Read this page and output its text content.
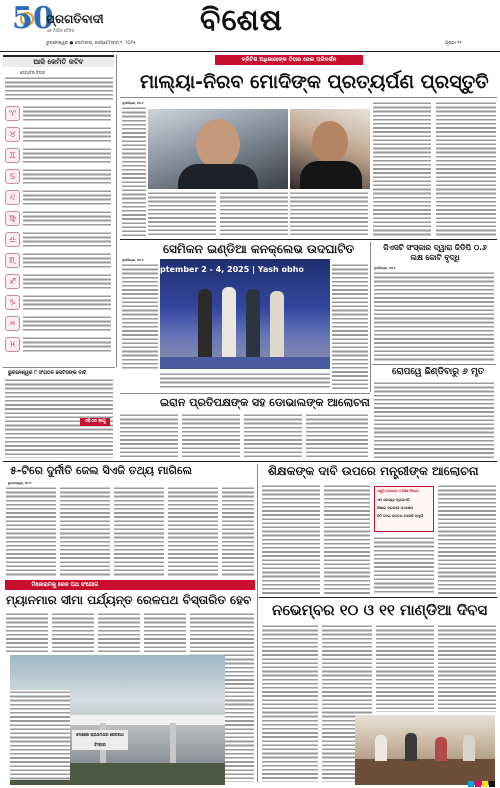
50
ପ୍ରଗତିବାଦୀ
ଏକ ନିର୍ଭୀକ ଦୈନିକ
ଭୁବନେଶ୍ୱର ● ସୋମବାର, ସେପ୍ଟେମ୍ବର ୧, ୨୦୨୫
ବିଶେଷ
ପୃଷ୍ଠା ୧୧
ଆଜି କେମିତି କଟିବ
ଜ୍ୟୋତିଷ ବିଚାର
♈
♉
♊
♋
♌
♍
♎
♏
♐
♑
♒
♓
ବ୍ରିଟିଶ ଅଧିକାରୀଙ୍କ ତିହାର ଜେଲ ପରିଦର୍ଶନ
ମାଲ୍ୟା-ନିରବ ମୋଦିଙ୍କ ପ୍ରତ୍ୟର୍ପଣ ପ୍ରସ୍ତୁତି
ନୂଆଦିଲ୍ଲୀ, ୩୧।୮
ସେମିକନ ଇଣ୍ଡିଆ କନକ୍ଲେଭ ଉଦଘାଟିତ
ନୂଆଦିଲ୍ଲୀ, ୩୧।୮
ptember 2 - 4, 2025 | Yash obho
ଜିଏସଟି ସଂସ୍କାର ଦ୍ୱାରା ଜିଡିପି ୦.୬ ଲକ୍ଷ କୋଟି ବୃଦ୍ଧି
ନୂଆଦିଲ୍ଲୀ, ୩୧।୮
ରୋପୱେ ଛିଣ୍ଡିବାରୁ ୬ ମୃତ
ଭୁବନେଶ୍ୱର ୮ ସଂଗଠନ ନୋଟିସଙ୍କ ଦାବି
ଏବିଏସ ଲାଗୁ
ଇରାନ ପ୍ରତିପକ୍ଷଙ୍କ ସହ ଡୋଭାଲଙ୍କ ଆଲୋଚନା
୫-ଟିରେ ଦୁର୍ନୀତି ଜେଲ ସିଏଜି ତଥ୍ୟ ମାଗିଲେ
ଭୁବନେଶ୍ୱର, ୩୧।୮
ଶିକ୍ଷକଙ୍କ ଦାବି ଉପରେ ମନ୍ତ୍ରୀଙ୍କ ଆଲୋଚନା
ଏଣ୍ଟ୍ରି ଲେଭଲ ଓ ଶିକ୍ଷା ବିଭାଗ
ଏନ ସମସ୍ୟା ପ୍ରାଇମରି
ଶିକ୍ଷାର ସରକାରୀ ପଦକ୍ଷେପ
ଚିଠି ଦେଇ ଉତ୍ତର ଦେଉଛି ମନ୍ତ୍ରୀ
ମିଜୋରାମକୁ ରେଳ ପଥ ସଂଯୋଗ
ମ୍ୟାନମାର ସୀମା ପର୍ଯ୍ୟନ୍ତ ରେଳପଥ ବିସ୍ତାରିତ ହେବ
ଦେଶରେ ପ୍ରଥମଥର ରେଳପଥ ବିସ୍ତାର
ନଭେମ୍ବର ୧୦ ଓ ୧୧ ମାଣ୍ଡିଆ ଦିବସ
